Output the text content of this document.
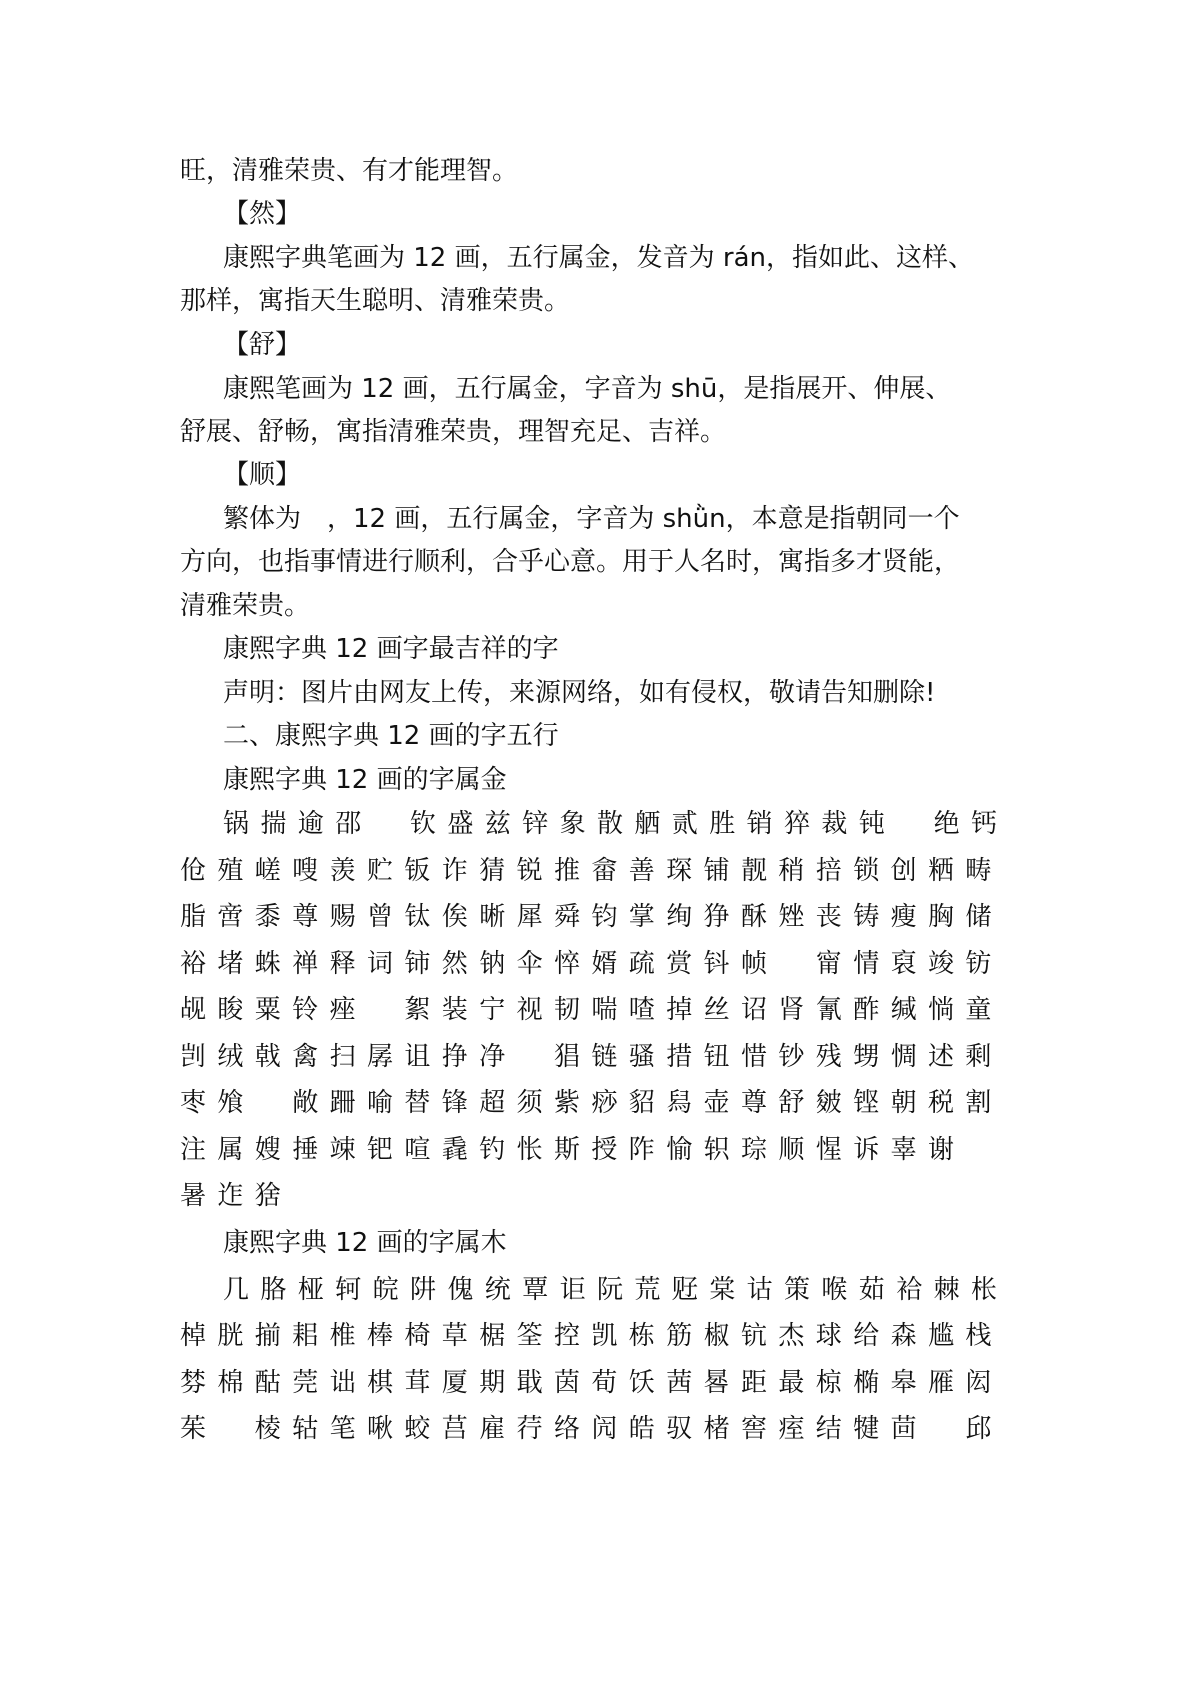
旺，清雅荣贵、有才能理智。
【然】
康熙字典笔画为 12 画，五行属金，发音为 rán，指如此、这样、
那样，寓指天生聪明、清雅荣贵。
【舒】
康熙笔画为 12 画，五行属金，字音为 shū，是指展开、伸展、
舒展、舒畅，寓指清雅荣贵，理智充足、吉祥。
【顺】
繁体为　，12 画，五行属金，字音为 shǜn，本意是指朝同一个
方向，也指事情进行顺利，合乎心意。用于人名时，寓指多才贤能，
清雅荣贵。
康熙字典 12 画字最吉祥的字
声明：图片由网友上传，来源网络，如有侵权，敬请告知删除!
二、康熙字典 12 画的字五行
康熙字典 12 画的字属金
锅揣逾邵　钦盛兹锌象散舾贰胜销猝裁钝　绝钙
伧殖嵯嗖羡贮钣诈猜锐推畲善琛铺靓稍掊锁创粞畴
脂啻黍尊赐曾钛俟晰犀舜钧掌绚狰酥矬丧铸瘦胸储
裕堵蛛禅释词铈然钠伞悴婿疏赏钭帧　甯情裒竣钫
觇睃粟铃痤　絮装宁视韧喘喳掉丝诏肾氰酢缄惝童
剀绒戟禽扫孱诅挣净　猖链骚措钮惜钞残甥惆述剩
枣飧　敞跚喻替锋超须紫痧貂舄壶尊舒皴铿朝税割
注属嫂捶竦钯喧毳钓怅斯授阼愉轵琮顺惺诉辜谢
暑迮猞
康熙字典 12 画的字属木
几胳桠轲皖阱傀统覃讵阮荒觃棠诂策喉茹袷棘枨
棹胱揃耜椎棒椅草椐筌控凯栋筋椒钪杰球给森尴栈
棼棉酤莞诎棋茸厦期戢茵荀饫茜晷距最椋椭皋雁闳
茱　棱轱笔啾蛟莒雇荇络闶皓驭楮窖痓结犍茴　邱
